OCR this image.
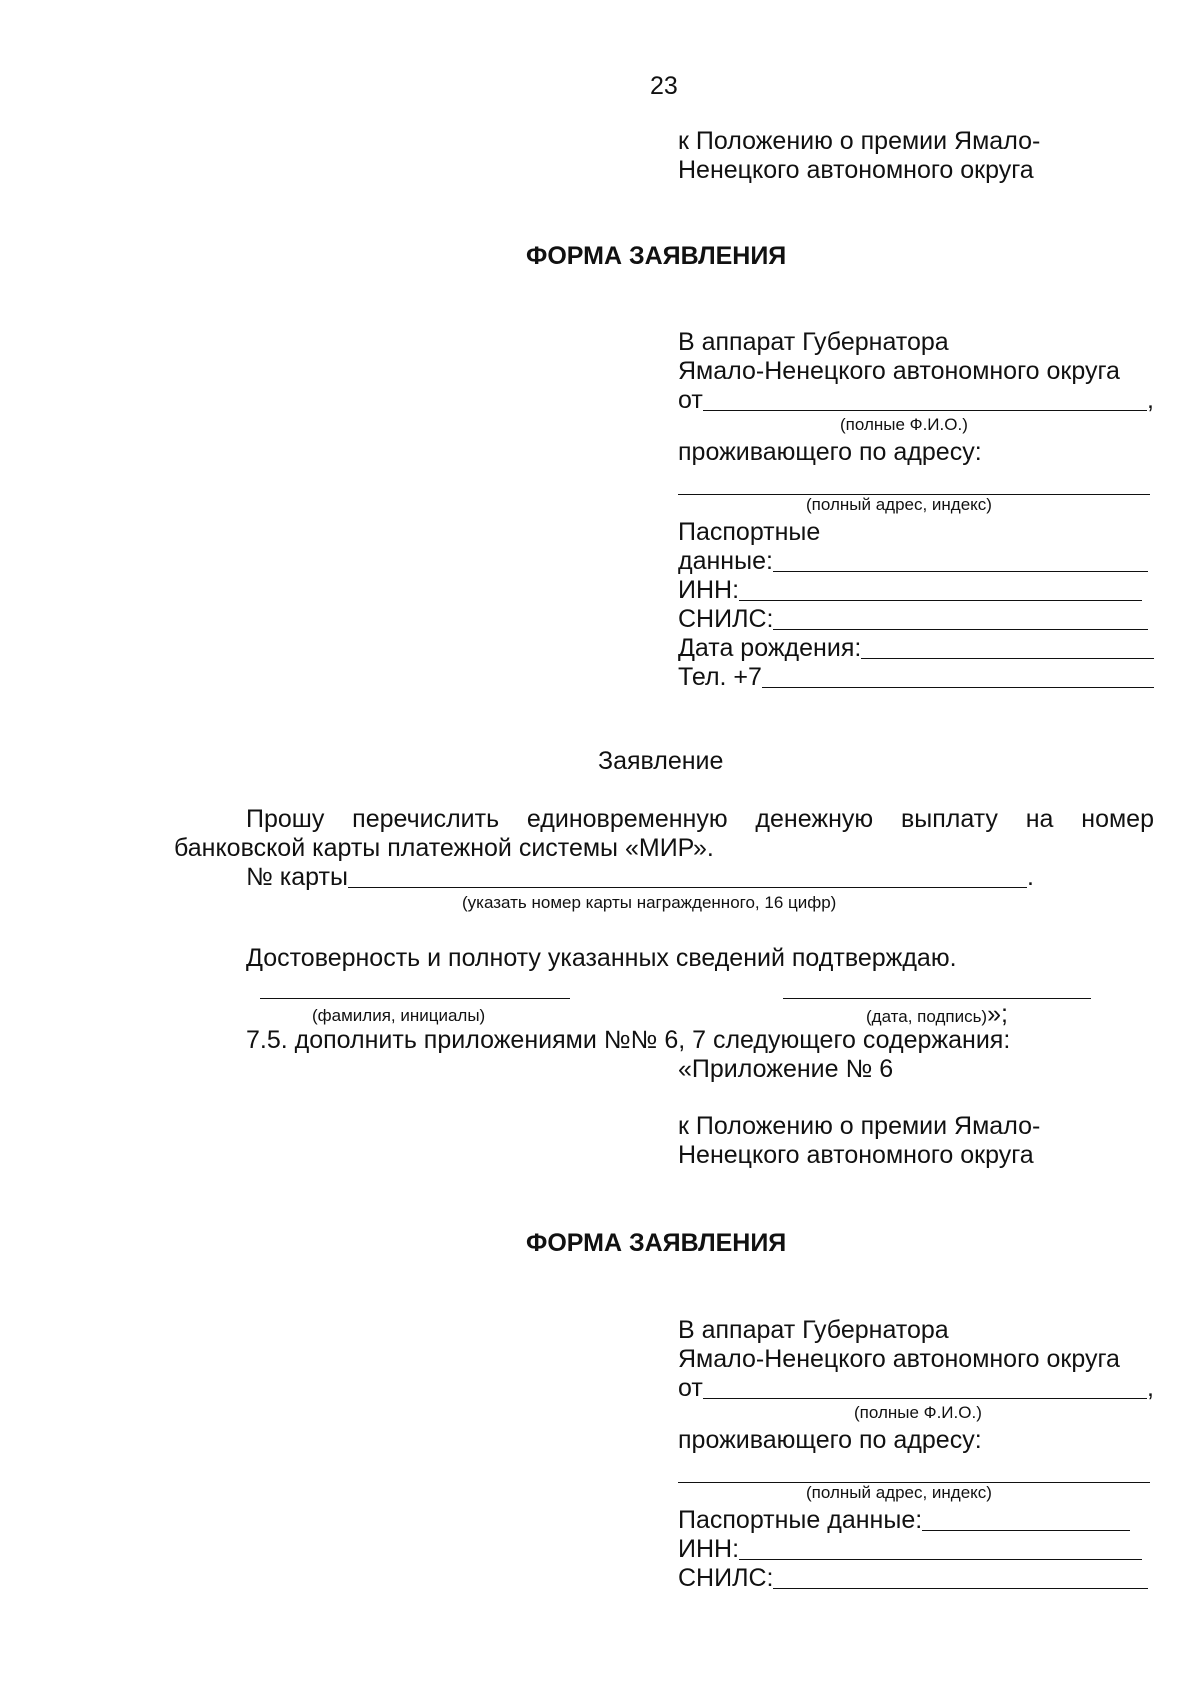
23
к Положению о премии Ямало-
Ненецкого автономного округа
ФОРМА ЗАЯВЛЕНИЯ
В аппарат Губернатора
Ямало-Ненецкого автономного округа
от	,
(полные Ф.И.О.)
проживающего по адресу:
(полный адрес, индекс)
Паспортные
данные:
ИНН:
СНИЛС:
Дата рождения:
Тел. +7
Заявление
Прошу перечислить единовременную денежную выплату на номер
банковской карты платежной системы «МИР».
№ карты	.
(указать номер карты награжденного, 16 цифр)
Достоверность и полноту указанных сведений подтверждаю.
(фамилия, инициалы)	(дата, подпись)»;
7.5. дополнить приложениями №№ 6, 7 следующего содержания:
«Приложение № 6
к Положению о премии Ямало-
Ненецкого автономного округа
ФОРМА ЗАЯВЛЕНИЯ
В аппарат Губернатора
Ямало-Ненецкого автономного округа
от	,
(полные Ф.И.О.)
проживающего по адресу:
(полный адрес, индекс)
Паспортные данные:
ИНН:
СНИЛС:
